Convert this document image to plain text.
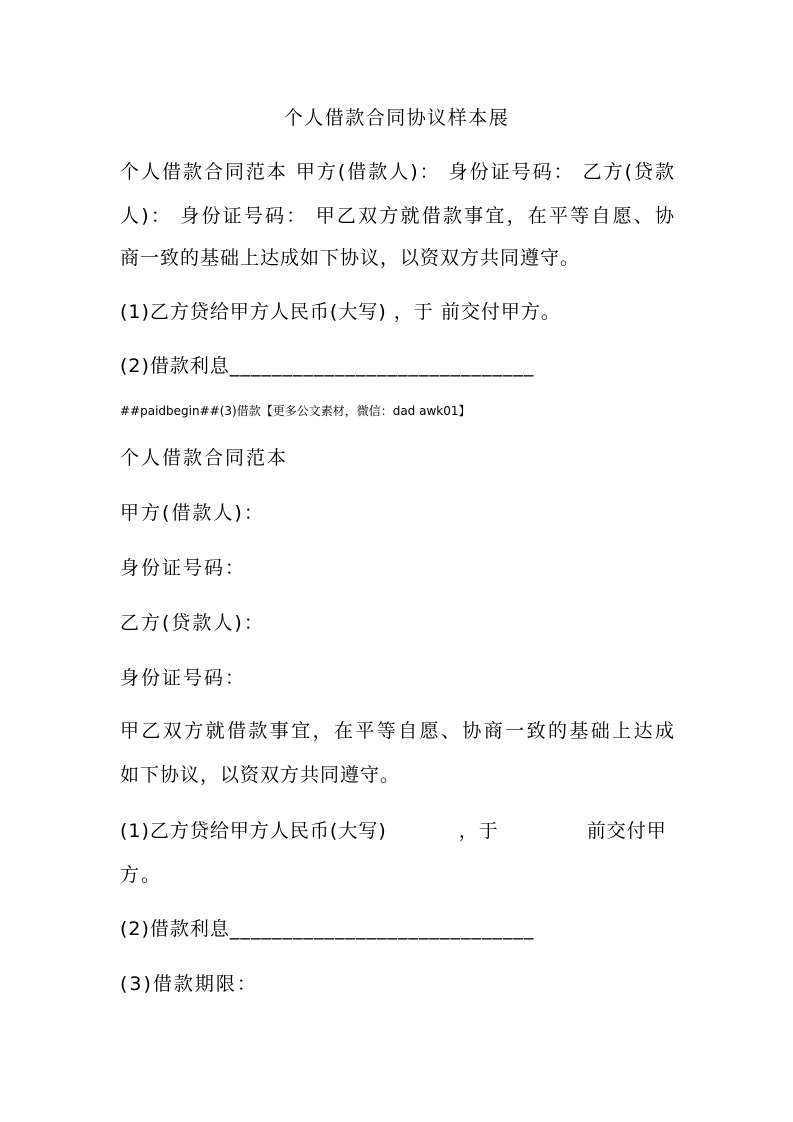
个人借款合同协议样本展
个人借款合同范本 甲方(借款人)： 身份证号码： 乙方(贷款
人)： 身份证号码： 甲乙双方就借款事宜，在平等自愿、协
商一致的基础上达成如下协议，以资双方共同遵守。
(1)乙方贷给甲方人民币(大写) ，于 前交付甲方。
(2)借款利息_____________________________
##paidbegin##(3)借款【更多公文素材，微信：dad awk01】
个人借款合同范本
甲方(借款人)：
身份证号码：
乙方(贷款人)：
身份证号码：
甲乙双方就借款事宜，在平等自愿、协商一致的基础上达成
如下协议，以资双方共同遵守。
(1)乙方贷给甲方人民币(大写)	，于	前交付甲
方。
(2)借款利息_____________________________
(3)借款期限：
